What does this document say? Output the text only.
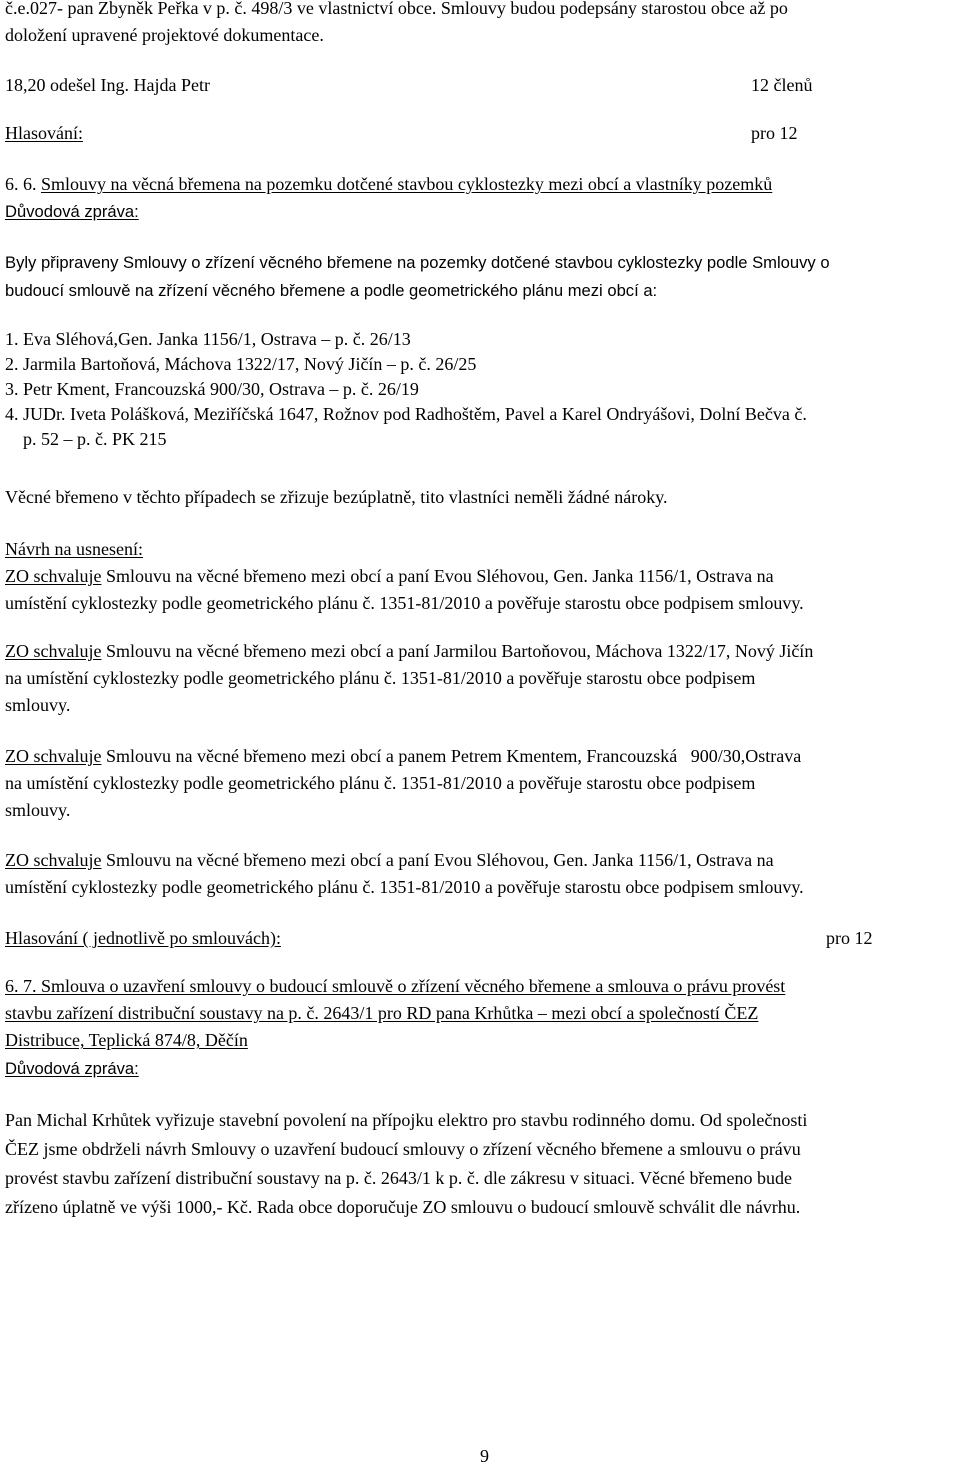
č.e.027- pan Zbyněk Peřka v p. č. 498/3 ve vlastnictví obce. Smlouvy budou podepsány starostou obce až po
doložení upravené projektové dokumentace.
18,20 odešel Ing. Hajda Petr	12 členů
Hlasování:	pro 12
6. 6. Smlouvy na věcná břemena na pozemku dotčené stavbou cyklostezky mezi obcí a vlastníky pozemků
Důvodová zpráva:
Byly připraveny Smlouvy o zřízení věcného břemene na pozemky dotčené stavbou cyklostezky podle Smlouvy o
budoucí smlouvě na zřízení věcného břemene a podle geometrického plánu mezi obcí a:
1. Eva Sléhová,Gen. Janka 1156/1, Ostrava – p. č. 26/13
2. Jarmila Bartoňová, Máchova 1322/17, Nový Jičín – p. č. 26/25
3. Petr Kment, Francouzská 900/30, Ostrava – p. č. 26/19
4. JUDr. Iveta Polášková, Meziříčská 1647, Rožnov pod Radhoštěm, Pavel a Karel Ondryášovi, Dolní Bečva č.
p. 52 – p. č. PK 215
Věcné břemeno v těchto případech se zřizuje bezúplatně, tito vlastníci neměli žádné nároky.
Návrh na usnesení:
ZO schvaluje Smlouvu na věcné břemeno mezi obcí a paní Evou Sléhovou, Gen. Janka 1156/1, Ostrava na
umístění cyklostezky podle geometrického plánu č. 1351-81/2010 a pověřuje starostu obce podpisem smlouvy.
ZO schvaluje Smlouvu na věcné břemeno mezi obcí a paní Jarmilou Bartoňovou, Máchova 1322/17, Nový Jičín
na umístění cyklostezky podle geometrického plánu č. 1351-81/2010 a pověřuje starostu obce podpisem
smlouvy.
ZO schvaluje Smlouvu na věcné břemeno mezi obcí a panem Petrem Kmentem, Francouzská   900/30,Ostrava
na umístění cyklostezky podle geometrického plánu č. 1351-81/2010 a pověřuje starostu obce podpisem
smlouvy.
ZO schvaluje Smlouvu na věcné břemeno mezi obcí a paní Evou Sléhovou, Gen. Janka 1156/1, Ostrava na
umístění cyklostezky podle geometrického plánu č. 1351-81/2010 a pověřuje starostu obce podpisem smlouvy.
Hlasování ( jednotlivě po smlouvách):	pro 12
6. 7. Smlouva o uzavření smlouvy o budoucí smlouvě o zřízení věcného břemene a smlouva o právu provést
stavbu zařízení distribuční soustavy na p. č. 2643/1 pro RD pana Krhůtka – mezi obcí a společností ČEZ
Distribuce, Teplická 874/8, Děčín
Důvodová zpráva:
Pan Michal Krhůtek vyřizuje stavební povolení na přípojku elektro pro stavbu rodinného domu. Od společnosti
ČEZ jsme obdrželi návrh Smlouvy o uzavření budoucí smlouvy o zřízení věcného břemene a smlouvu o právu
provést stavbu zařízení distribuční soustavy na p. č. 2643/1 k p. č. dle zákresu v situaci. Věcné břemeno bude
zřízeno úplatně ve výši 1000,- Kč. Rada obce doporučuje ZO smlouvu o budoucí smlouvě schválit dle návrhu.
9
